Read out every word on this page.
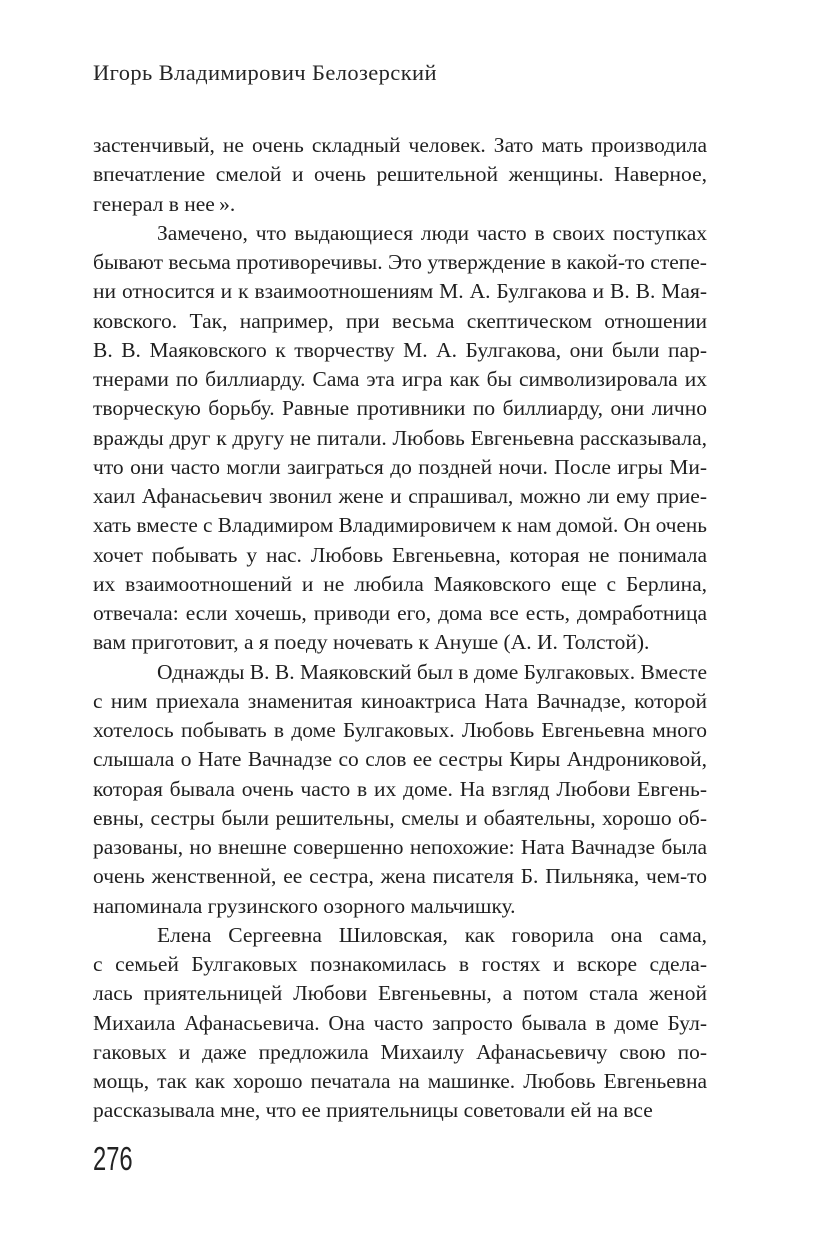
Игорь Владимирович Белозерский
застенчивый, не очень складный человек. Зато мать производила
впечатление смелой и очень решительной женщины. Наверное,
генерал в нее ».
Замечено, что выдающиеся люди часто в своих поступках
бывают весьма противоречивы. Это утверждение в какой-то степе-
ни относится и к взаимоотношениям М. А. Булгакова и В. В. Мая-
ковского. Так, например, при весьма скептическом отношении
В. В. Маяковского к творчеству М. А. Булгакова, они были пар-
тнерами по биллиарду. Сама эта игра как бы символизировала их
творческую борьбу. Равные противники по биллиарду, они лично
вражды друг к другу не питали. Любовь Евгеньевна рассказывала,
что они часто могли заиграться до поздней ночи. После игры Ми-
хаил Афанасьевич звонил жене и спрашивал, можно ли ему прие-
хать вместе с Владимиром Владимировичем к нам домой. Он очень
хочет побывать у нас. Любовь Евгеньевна, которая не понимала
их взаимоотношений и не любила Маяковского еще с Берлина,
отвечала: если хочешь, приводи его, дома все есть, домработница
вам приготовит, а я поеду ночевать к Ануше (А. И. Толстой).
Однажды В. В. Маяковский был в доме Булгаковых. Вместе
с ним приехала знаменитая киноактриса Ната Вачнадзе, которой
хотелось побывать в доме Булгаковых. Любовь Евгеньевна много
слышала о Нате Вачнадзе со слов ее сестры Киры Андрониковой,
которая бывала очень часто в их доме. На взгляд Любови Евгень-
евны, сестры были решительны, смелы и обаятельны, хорошо об-
разованы, но внешне совершенно непохожие: Ната Вачнадзе была
очень женственной, ее сестра, жена писателя Б. Пильняка, чем-то
напоминала грузинского озорного мальчишку.
Елена Сергеевна Шиловская, как говорила она сама,
с семьей Булгаковых познакомилась в гостях и вскоре сдела-
лась приятельницей Любови Евгеньевны, а потом стала женой
Михаила Афанасьевича. Она часто запросто бывала в доме Бул-
гаковых и даже предложила Михаилу Афанасьевичу свою по-
мощь, так как хорошо печатала на машинке. Любовь Евгеньевна
рассказывала мне, что ее приятельницы советовали ей на все
276
